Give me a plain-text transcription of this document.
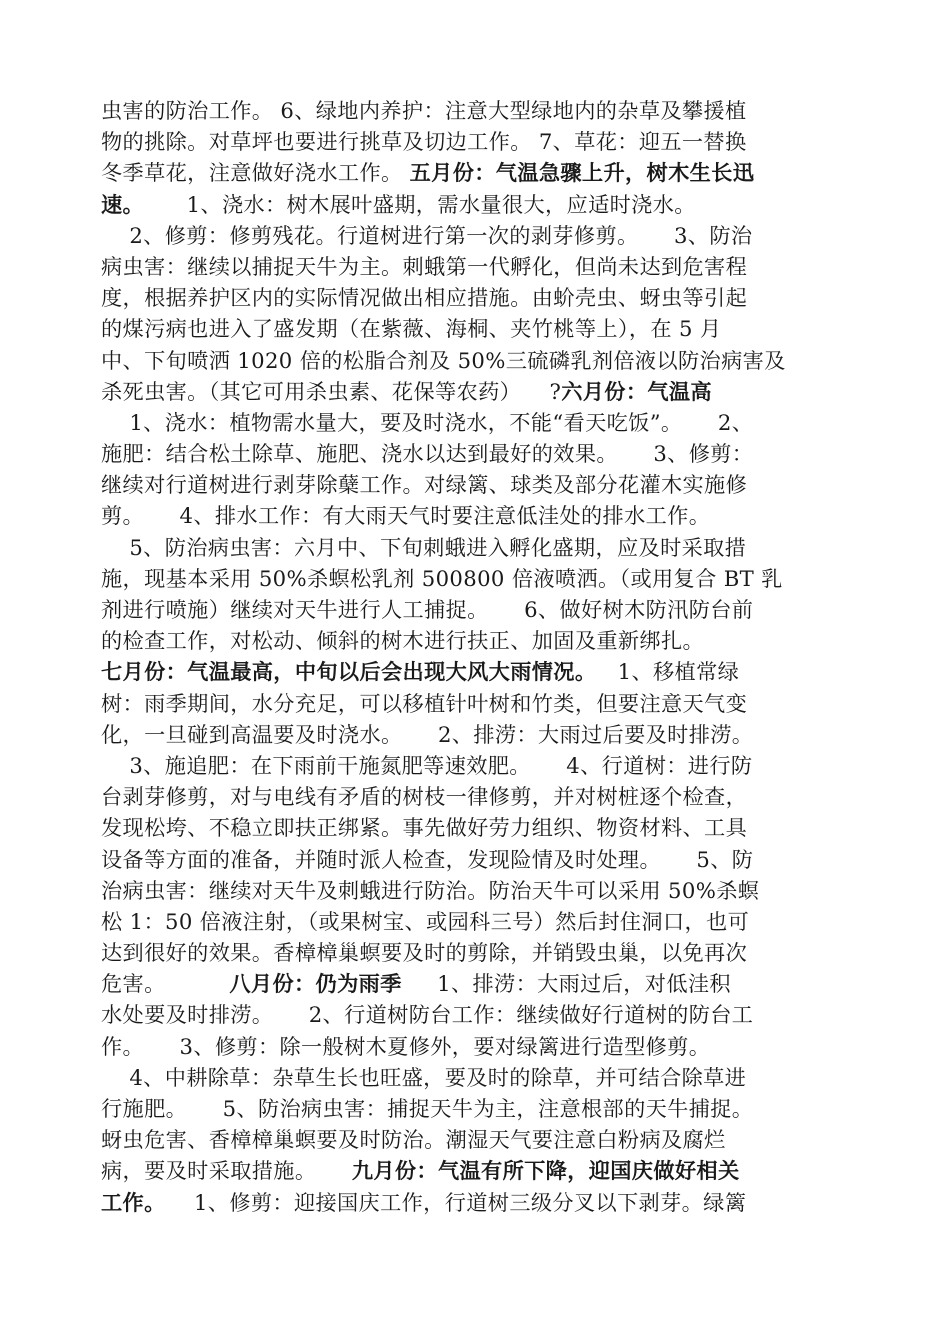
虫害的防治工作。 6、绿地内养护：注意大型绿地内的杂草及攀援植
物的挑除。对草坪也要进行挑草及切边工作。 7、草花：迎五一替换
冬季草花，注意做好浇水工作。 五月份：气温急骤上升，树木生长迅
速。      1、浇水：树木展叶盛期，需水量很大，应适时浇水。
2、修剪：修剪残花。行道树进行第一次的剥芽修剪。     3、防治
病虫害：继续以捕捉天牛为主。刺蛾第一代孵化，但尚未达到危害程
度，根据养护区内的实际情况做出相应措施。由蚧壳虫、蚜虫等引起
的煤污病也进入了盛发期（在紫薇、海桐、夹竹桃等上），在 5 月
中、下旬喷洒 1020 倍的松脂合剂及 50%三硫磷乳剂倍液以防治病害及
杀死虫害。（其它可用杀虫素、花保等农药）    ?六月份：气温高
1、浇水：植物需水量大，要及时浇水，不能“看天吃饭”。     2、
施肥：结合松土除草、施肥、浇水以达到最好的效果。     3、修剪：
继续对行道树进行剥芽除蘖工作。对绿篱、球类及部分花灌木实施修
剪。     4、排水工作：有大雨天气时要注意低洼处的排水工作。
5、防治病虫害：六月中、下旬刺蛾进入孵化盛期，应及时采取措
施，现基本采用 50%杀螟松乳剂 500800 倍液喷洒。（或用复合 BT 乳
剂进行喷施）继续对天牛进行人工捕捉。     6、做好树木防汛防台前
的检查工作，对松动、倾斜的树木进行扶正、加固及重新绑扎。
七月份：气温最高，中旬以后会出现大风大雨情况。   1、移植常绿
树：雨季期间，水分充足，可以移植针叶树和竹类，但要注意天气变
化，一旦碰到高温要及时浇水。     2、排涝：大雨过后要及时排涝。
3、施追肥：在下雨前干施氮肥等速效肥。     4、行道树：进行防
台剥芽修剪，对与电线有矛盾的树枝一律修剪，并对树桩逐个检查，
发现松垮、不稳立即扶正绑紧。事先做好劳力组织、物资材料、工具
设备等方面的准备，并随时派人检查，发现险情及时处理。     5、防
治病虫害：继续对天牛及刺蛾进行防治。防治天牛可以采用 50%杀螟
松 1：50 倍液注射，（或果树宝、或园科三号）然后封住洞口，也可
达到很好的效果。香樟樟巢螟要及时的剪除，并销毁虫巢，以免再次
危害。         八月份：仍为雨季     1、排涝：大雨过后，对低洼积
水处要及时排涝。     2、行道树防台工作：继续做好行道树的防台工
作。     3、修剪：除一般树木夏修外，要对绿篱进行造型修剪。
4、中耕除草：杂草生长也旺盛，要及时的除草，并可结合除草进
行施肥。     5、防治病虫害：捕捉天牛为主，注意根部的天牛捕捉。
蚜虫危害、香樟樟巢螟要及时防治。潮湿天气要注意白粉病及腐烂
病，要及时采取措施。     九月份：气温有所下降，迎国庆做好相关
工作。    1、修剪：迎接国庆工作，行道树三级分叉以下剥芽。绿篱
